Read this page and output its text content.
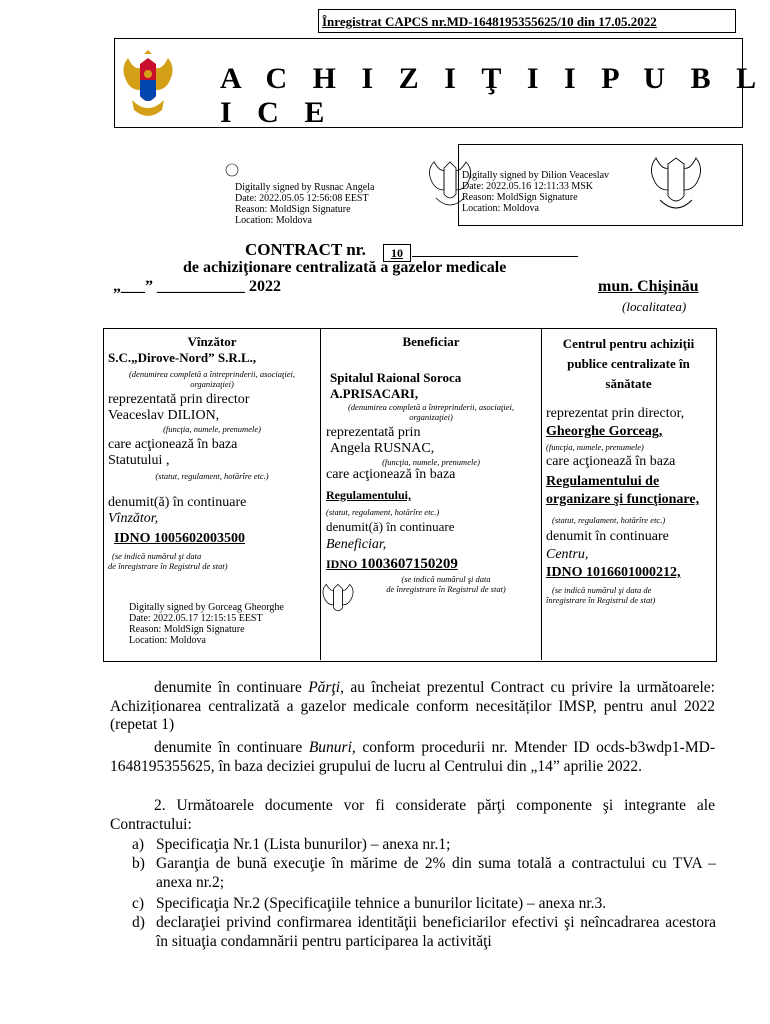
Înregistrat CAPCS nr.MD-1648195355625/10 din 17.05.2022
A C H I Z I Ţ I I P U B L I C E
Digitally signed by Rusnac Angela
Date: 2022.05.05 12:56:08 EEST
Reason: MoldSign Signature
Location: Moldova
Digitally signed by Dilion Veaceslav
Date: 2022.05.16 12:11:33 MSK
Reason: MoldSign Signature
Location: Moldova
CONTRACT nr.	10
de achiziţionare centralizată a gazelor medicale
„___” ___________ 2022	mun. Chişinău
(localitatea)
Vînzător
S.C.„Dirove-Nord” S.R.L.,
(denumirea completă a întreprinderii, asociaţiei, organizaţiei)
reprezentată prin director
Veaceslav DILION,
(funcţia, numele, prenumele)
care acţionează în baza
Statutului ,
(statut, regulament, hotărîre etc.)
denumit(ă) în continuare
Vînzător,
IDNO 1005602003500
(se indică numărul şi data
de înregistrare în Registrul de stat)
Digitally signed by Gorceag Gheorghe
Date: 2022.05.17 12:15:15 EEST
Reason: MoldSign Signature
Location: Moldova
Beneficiar
Spitalul Raional Soroca A.PRISACARI,
(denumirea completă a întreprinderii, asociaţiei, organizaţiei)
reprezentată prin
Angela RUSNAC,
(funcţia, numele, prenumele)
care acţionează în baza
Regulamentului,
(statut, regulament, hotărîre etc.)
denumit(ă) în continuare
Beneficiar,
IDNO 1003607150209
(se indică numărul şi data
de înregistrare în Registrul de stat)
Centrul pentru achiziţii publice centralizate în sănătate
reprezentat prin director,
Gheorghe Gorceag,
(funcţia, numele, prenumele)
care acţionează în baza
Regulamentului de organizare şi funcţionare,
(statut, regulament, hotărîre etc.)
denumit în continuare
Centru,
IDNO 1016601000212,
(se indică numărul şi data de
înregistrare în Registrul de stat)
denumite în continuare Părţi, au încheiat prezentul Contract cu privire la următoarele: Achiziționarea centralizată a gazelor medicale conform necesităților IMSP, pentru anul 2022 (repetat 1)
denumite în continuare Bunuri, conform procedurii nr. Mtender ID ocds-b3wdp1-MD-1648195355625, în baza deciziei grupului de lucru al Centrului din „14” aprilie 2022.
2. Următoarele documente vor fi considerate părţi componente şi integrante ale Contractului:
a) Specificaţia Nr.1 (Lista bunurilor) – anexa nr.1;
b) Garanţia de bună execuţie în mărime de 2% din suma totală a contractului cu TVA – anexa nr.2;
c) Specificaţia Nr.2 (Specificaţiile tehnice a bunurilor licitate) – anexa nr.3.
d) declaraţiei privind confirmarea identităţii beneficiarilor efectivi şi neîncadrarea acestora în situaţia condamnării pentru participarea la activităţi
